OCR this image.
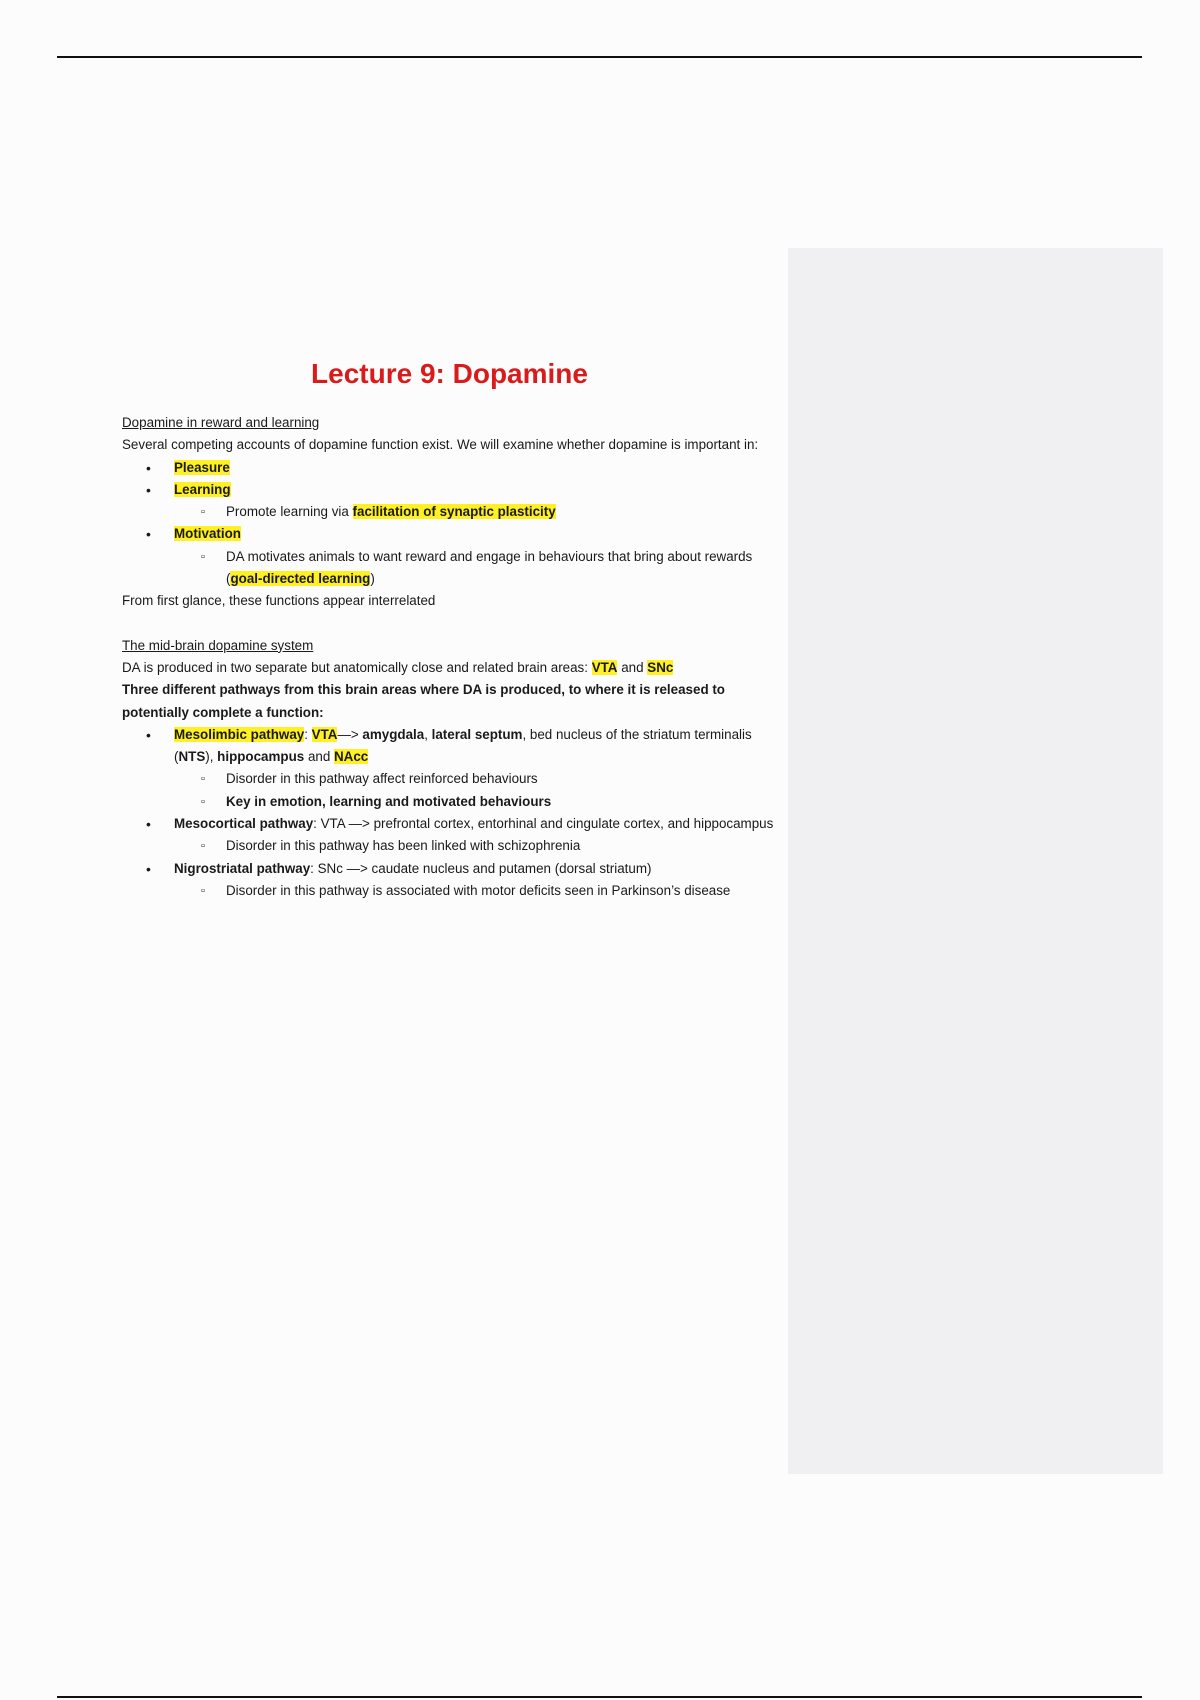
Lecture 9: Dopamine

Dopamine in reward and learning

Several competing accounts of dopamine function exist. We will examine whether dopamine is important in:

• Pleasure
• Learning
▫ Promote learning via facilitation of synaptic plasticity
• Motivation
▫ DA motivates animals to want reward and engage in behaviours that bring about rewards (goal-directed learning)

From first glance, these functions appear interrelated

The mid-brain dopamine system

DA is produced in two separate but anatomically close and related brain areas: VTA and SNc

Three different pathways from this brain areas where DA is produced, to where it is released to potentially complete a function:

• Mesolimbic pathway: VTA—> amygdala, lateral septum, bed nucleus of the striatum terminalis (NTS), hippocampus and NAcc
▫ Disorder in this pathway affect reinforced behaviours
▫ Key in emotion, learning and motivated behaviours
• Mesocortical pathway: VTA —> prefrontal cortex, entorhinal and cingulate cortex, and hippocampus
▫ Disorder in this pathway has been linked with schizophrenia
• Nigrostriatal pathway: SNc —> caudate nucleus and putamen (dorsal striatum)
▫ Disorder in this pathway is associated with motor deficits seen in Parkinson’s disease
